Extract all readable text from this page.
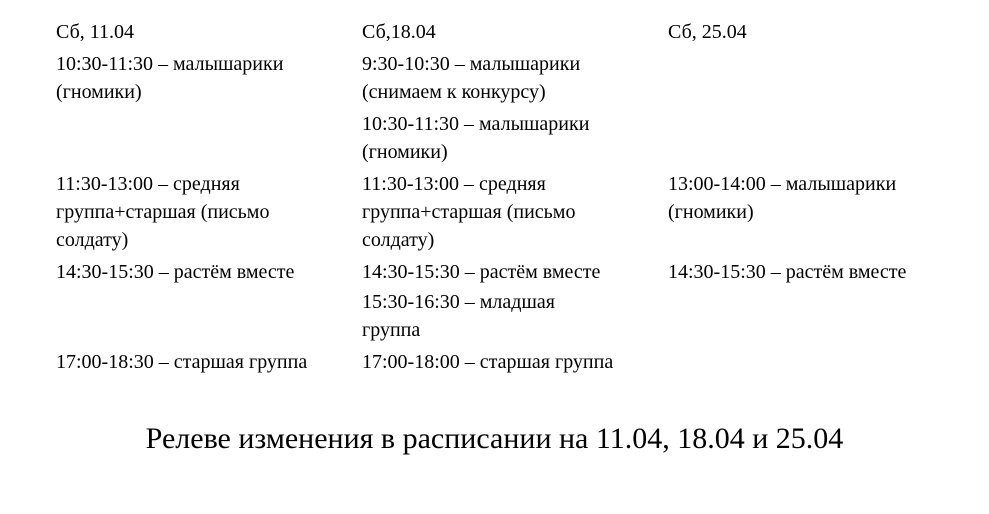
Сб, 11.04
10:30-11:30 – малышарики
(гномики)
11:30-13:00 – средняя
группа+старшая (письмо
солдату)
14:30-15:30 – растём вместе
17:00-18:30 – старшая группа
Сб,18.04
9:30-10:30 – малышарики
(снимаем к конкурсу)
10:30-11:30 – малышарики
(гномики)
11:30-13:00 – средняя
группа+старшая (письмо
солдату)
14:30-15:30 – растём вместе
15:30-16:30 – младшая
группа
17:00-18:00 – старшая группа
Сб, 25.04
13:00-14:00 – малышарики
(гномики)
14:30-15:30 – растём вместе
Релеве изменения в расписании на 11.04, 18.04 и 25.04
